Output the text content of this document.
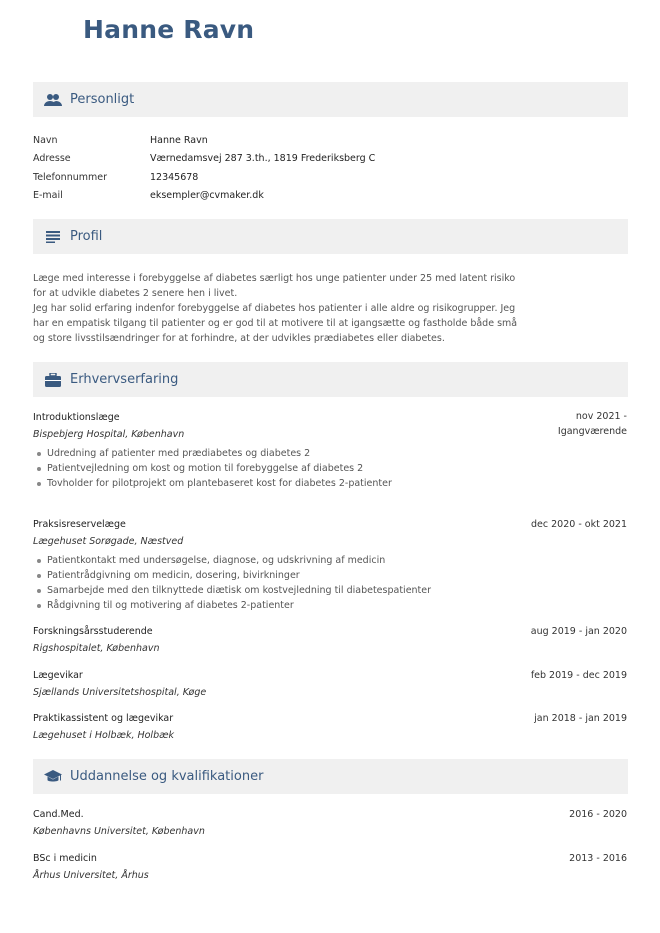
Hanne Ravn
Personligt
Navn	Hanne Ravn
Adresse	Værnedamsvej 287 3.th., 1819 Frederiksberg C
Telefonnummer	12345678
E-mail	eksempler@cvmaker.dk
Profil
Læge med interesse i forebyggelse af diabetes særligt hos unge patienter under 25 med latent risiko for at udvikle diabetes 2 senere hen i livet.
Jeg har solid erfaring indenfor forebyggelse af diabetes hos patienter i alle aldre og risikogrupper. Jeg har en empatisk tilgang til patienter og er god til at motivere til at igangsætte og fastholde både små og store livsstilsændringer for at forhindre, at der udvikles prædiabetes eller diabetes.
Erhvervserfaring
Introduktionslæge	nov 2021 -
Igangværende
Bispebjerg Hospital, København
Udredning af patienter med prædiabetes og diabetes 2
Patientvejledning om kost og motion til forebyggelse af diabetes 2
Tovholder for pilotprojekt om plantebaseret kost for diabetes 2-patienter
Praksisreservelæge	dec 2020 - okt 2021
Lægehuset Sorøgade, Næstved
Patientkontakt med undersøgelse, diagnose, og udskrivning af medicin
Patientrådgivning om medicin, dosering, bivirkninger
Samarbejde med den tilknyttede diætisk om kostvejledning til diabetespatienter
Rådgivning til og motivering af diabetes 2-patienter
Forskningsårsstuderende	aug 2019 - jan 2020
Rigshospitalet, København
Lægevikar	feb 2019 - dec 2019
Sjællands Universitetshospital, Køge
Praktikassistent og lægevikar	jan 2018 - jan 2019
Lægehuset i Holbæk, Holbæk
Uddannelse og kvalifikationer
Cand.Med.	2016 - 2020
Københavns Universitet, København
BSc i medicin	2013 - 2016
Århus Universitet, Århus
